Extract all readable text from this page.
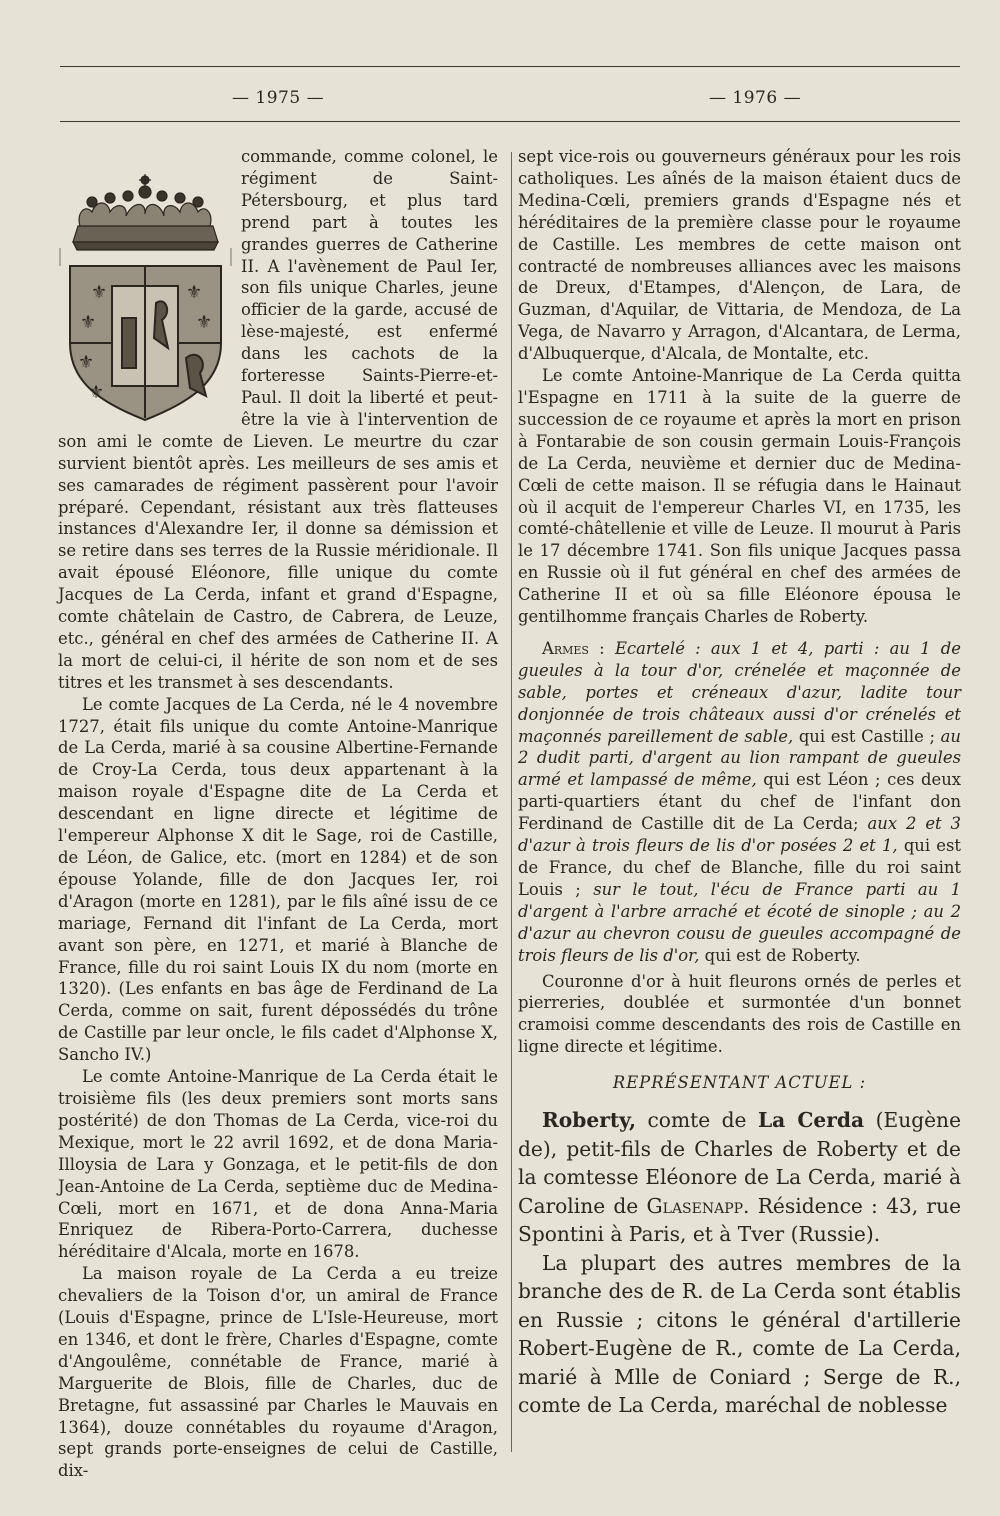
— 1975 —	— 1976 —
⚜
⚜
⚜
⚜
⚜
⚜

commande, comme colonel, le régiment de Saint-Pétersbourg, et plus tard prend part à toutes les grandes guerres de Catherine II. A l'avènement de Paul Ier, son fils unique Charles, jeune officier de la garde, accusé de lèse-majesté, est enfermé dans les cachots de la forteresse Saints-Pierre-et-Paul. Il doit la liberté et peut-être la vie à l'intervention de son ami le comte de Lieven. Le meurtre du czar survient bientôt après. Les meilleurs de ses amis et ses camarades de régiment passèrent pour l'avoir préparé. Cependant, résistant aux très flatteuses instances d'Alexandre Ier, il donne sa démission et se retire dans ses terres de la Russie méridionale. Il avait épousé Eléonore, fille unique du comte Jacques de La Cerda, infant et grand d'Espagne, comte châtelain de Castro, de Cabrera, de Leuze, etc., général en chef des armées de Catherine II. A la mort de celui-ci, il hérite de son nom et de ses titres et les transmet à ses descendants.

Le comte Jacques de La Cerda, né le 4 novembre 1727, était fils unique du comte Antoine-Manrique de La Cerda, marié à sa cousine Albertine-Fernande de Croy-La Cerda, tous deux appartenant à la maison royale d'Espagne dite de La Cerda et descendant en ligne directe et légitime de l'empereur Alphonse X dit le Sage, roi de Castille, de Léon, de Galice, etc. (mort en 1284) et de son épouse Yolande, fille de don Jacques Ier, roi d'Aragon (morte en 1281), par le fils aîné issu de ce mariage, Fernand dit l'infant de La Cerda, mort avant son père, en 1271, et marié à Blanche de France, fille du roi saint Louis IX du nom (morte en 1320). (Les enfants en bas âge de Ferdinand de La Cerda, comme on sait, furent dépossédés du trône de Castille par leur oncle, le fils cadet d'Alphonse X, Sancho IV.)

Le comte Antoine-Manrique de La Cerda était le troisième fils (les deux premiers sont morts sans postérité) de don Thomas de La Cerda, vice-roi du Mexique, mort le 22 avril 1692, et de dona Maria-Illoysia de Lara y Gonzaga, et le petit-fils de don Jean-Antoine de La Cerda, septième duc de Medina-Cœli, mort en 1671, et de dona Anna-Maria Enriquez de Ribera-Porto-Carrera, duchesse héréditaire d'Alcala, morte en 1678.

La maison royale de La Cerda a eu treize chevaliers de la Toison d'or, un amiral de France (Louis d'Espagne, prince de L'Isle-Heureuse, mort en 1346, et dont le frère, Charles d'Espagne, comte d'Angoulême, connétable de France, marié à Marguerite de Blois, fille de Charles, duc de Bretagne, fut assassiné par Charles le Mauvais en 1364), douze connétables du royaume d'Aragon, sept grands porte-enseignes de celui de Castille, dix-

sept vice-rois ou gouverneurs généraux pour les rois catholiques. Les aînés de la maison étaient ducs de Medina-Cœli, premiers grands d'Espagne nés et héréditaires de la première classe pour le royaume de Castille. Les membres de cette maison ont contracté de nombreuses alliances avec les maisons de Dreux, d'Etampes, d'Alençon, de Lara, de Guzman, d'Aquilar, de Vittaria, de Mendoza, de La Vega, de Navarro y Arragon, d'Alcantara, de Lerma, d'Albuquerque, d'Alcala, de Montalte, etc.

Le comte Antoine-Manrique de La Cerda quitta l'Espagne en 1711 à la suite de la guerre de succession de ce royaume et après la mort en prison à Fontarabie de son cousin germain Louis-François de La Cerda, neuvième et dernier duc de Medina-Cœli de cette maison. Il se réfugia dans le Hainaut où il acquit de l'empereur Charles VI, en 1735, les comté-châtellenie et ville de Leuze. Il mourut à Paris le 17 décembre 1741. Son fils unique Jacques passa en Russie où il fut général en chef des armées de Catherine II et où sa fille Eléonore épousa le gentilhomme français Charles de Roberty.

Armes : Ecartelé : aux 1 et 4, parti : au 1 de gueules à la tour d'or, crénelée et maçonnée de sable, portes et créneaux d'azur, ladite tour donjonnée de trois châteaux aussi d'or crénelés et maçonnés pareillement de sable, qui est Castille ; au 2 dudit parti, d'argent au lion rampant de gueules armé et lampassé de même, qui est Léon ; ces deux parti-quartiers étant du chef de l'infant don Ferdinand de Castille dit de La Cerda; aux 2 et 3 d'azur à trois fleurs de lis d'or posées 2 et 1, qui est de France, du chef de Blanche, fille du roi saint Louis ; sur le tout, l'écu de France parti au 1 d'argent à l'arbre arraché et écoté de sinople ; au 2 d'azur au chevron cousu de gueules accompagné de trois fleurs de lis d'or, qui est de Roberty.

Couronne d'or à huit fleurons ornés de perles et pierreries, doublée et surmontée d'un bonnet cramoisi comme descendants des rois de Castille en ligne directe et légitime.

REPRÉSENTANT ACTUEL :

Roberty, comte de La Cerda (Eugène de), petit-fils de Charles de Roberty et de la comtesse Eléonore de La Cerda, marié à Caroline de Glasenapp. Résidence : 43, rue Spontini à Paris, et à Tver (Russie).

La plupart des autres membres de la branche des de R. de La Cerda sont établis en Russie ; citons le général d'artillerie Robert-Eugène de R., comte de La Cerda, marié à Mlle de Coniard ; Serge de R., comte de La Cerda, maréchal de noblesse
